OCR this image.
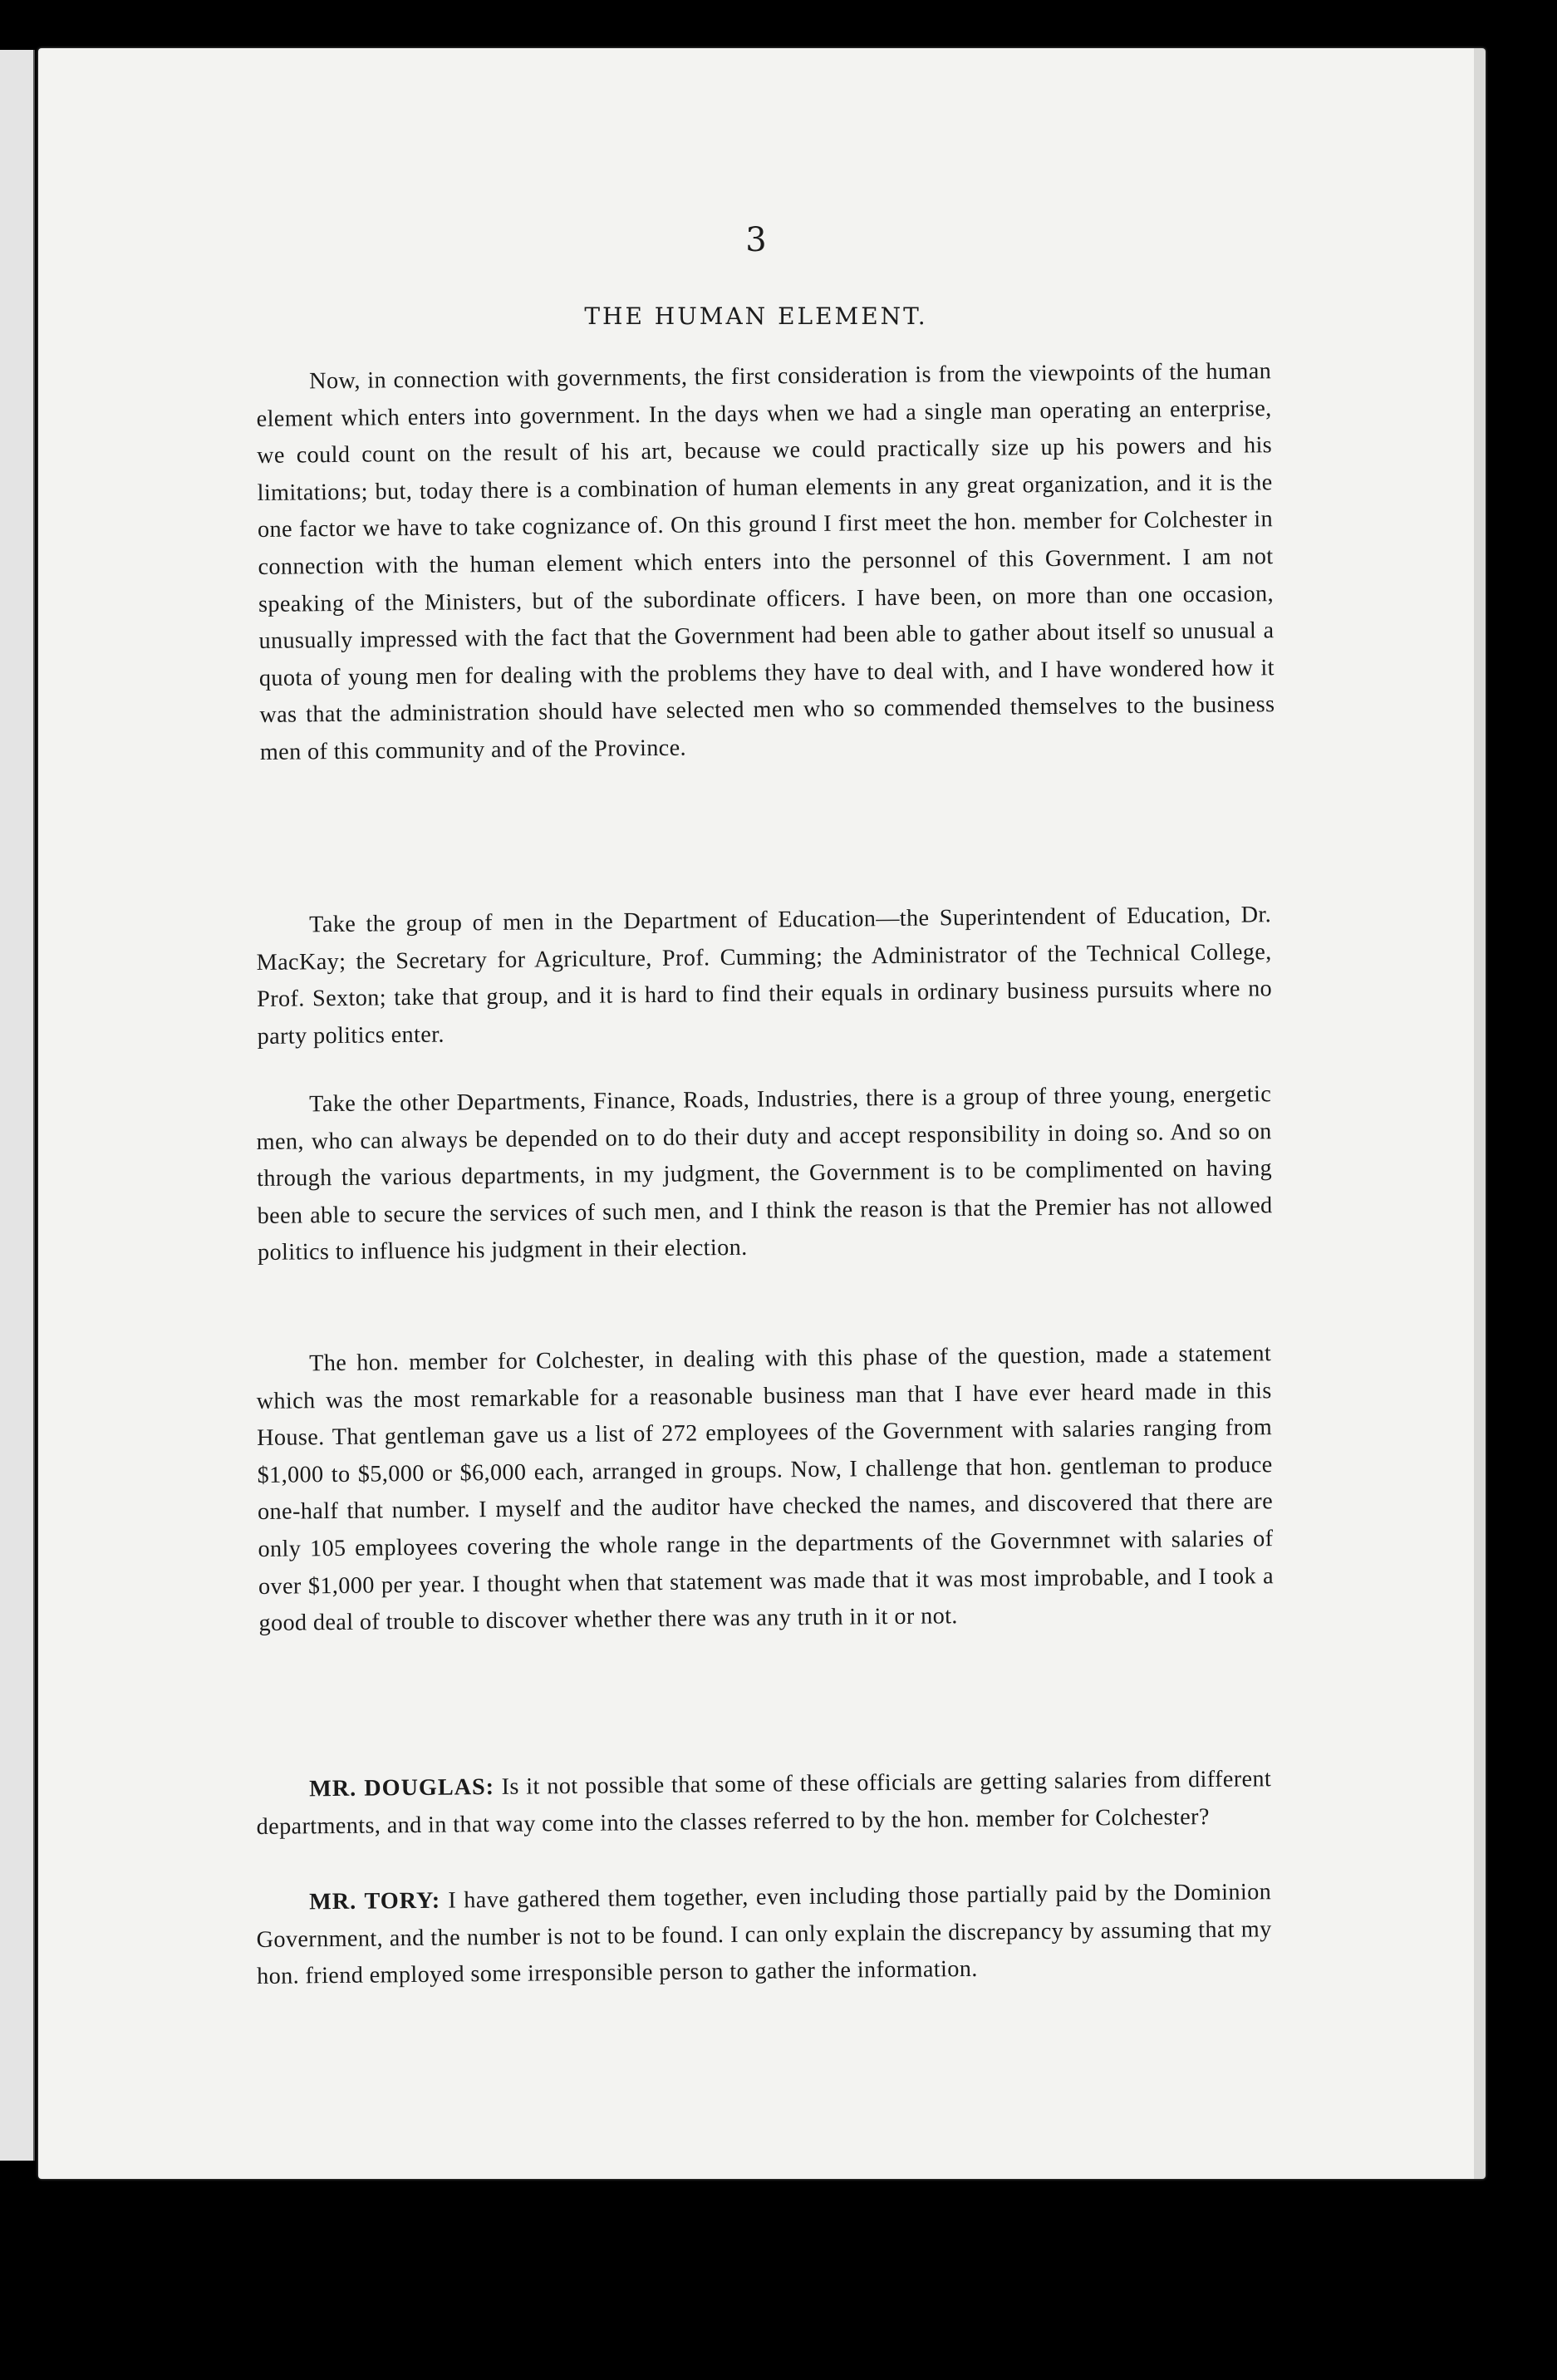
3
THE HUMAN ELEMENT.

Now, in connection with governments, the first consideration is from the viewpoints of the human element which enters into government. In the days when we had a single man operating an enterprise, we could count on the result of his art, because we could practically size up his powers and his limitations; but, today there is a combination of human elements in any great organization, and it is the one factor we have to take cognizance of. On this ground I first meet the hon. member for Colchester in connection with the human element which enters into the personnel of this Government. I am not speaking of the Ministers, but of the subordinate officers. I have been, on more than one occasion, unusually impressed with the fact that the Government had been able to gather about itself so unusual a quota of young men for dealing with the problems they have to deal with, and I have wondered how it was that the administration should have selected men who so commended themselves to the business men of this community and of the Province.

Take the group of men in the Department of Education—the Superintendent of Education, Dr. MacKay; the Secretary for Agriculture, Prof. Cumming; the Administrator of the Technical College, Prof. Sexton; take that group, and it is hard to find their equals in ordinary business pursuits where no party politics enter.

Take the other Departments, Finance, Roads, Industries, there is a group of three young, energetic men, who can always be depended on to do their duty and accept responsibility in doing so. And so on through the various departments, in my judgment, the Government is to be complimented on having been able to secure the services of such men, and I think the reason is that the Premier has not allowed politics to influence his judgment in their election.

The hon. member for Colchester, in dealing with this phase of the question, made a statement which was the most remarkable for a reasonable business man that I have ever heard made in this House. That gentleman gave us a list of 272 employees of the Government with salaries ranging from $1,000 to $5,000 or $6,000 each, arranged in groups. Now, I challenge that hon. gentleman to produce one-half that number. I myself and the auditor have checked the names, and discovered that there are only 105 employees covering the whole range in the departments of the Governmnet with salaries of over $1,000 per year. I thought when that statement was made that it was most improbable, and I took a good deal of trouble to discover whether there was any truth in it or not.

MR. DOUGLAS: Is it not possible that some of these officials are getting salaries from different departments, and in that way come into the classes referred to by the hon. member for Colchester?

MR. TORY: I have gathered them together, even including those partially paid by the Dominion Government, and the number is not to be found. I can only explain the discrepancy by assuming that my hon. friend employed some irresponsible person to gather the information.
